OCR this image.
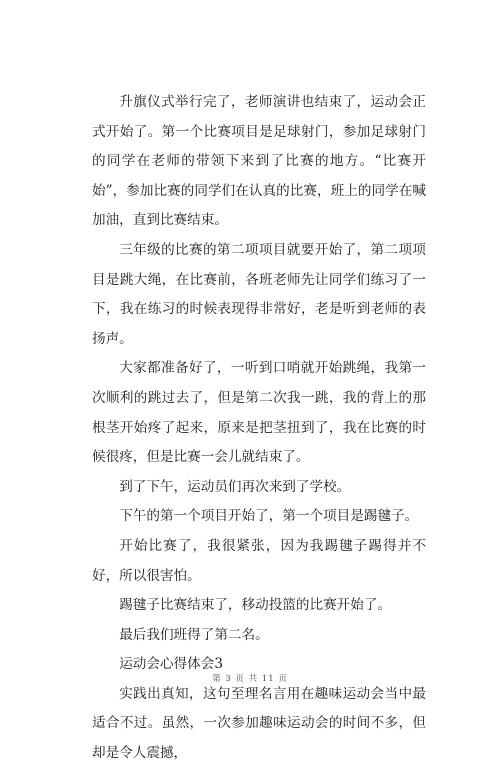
升旗仪式举行完了，老师演讲也结束了，运动会正式开始了。第一个比赛项目是足球射门，参加足球射门的同学在老师的带领下来到了比赛的地方。“比赛开始”，参加比赛的同学们在认真的比赛，班上的同学在喊加油，直到比赛结束。

三年级的比赛的第二项项目就要开始了，第二项项目是跳大绳，在比赛前，各班老师先让同学们练习了一下，我在练习的时候表现得非常好，老是听到老师的表扬声。

大家都准备好了，一听到口哨就开始跳绳，我第一次顺利的跳过去了，但是第二次我一跳，我的背上的那根茎开始疼了起来，原来是把茎扭到了，我在比赛的时候很疼，但是比赛一会儿就结束了。

到了下午，运动员们再次来到了学校。

下午的第一个项目开始了，第一个项目是踢毽子。

开始比赛了，我很紧张，因为我踢毽子踢得并不好，所以很害怕。

踢毽子比赛结束了，移动投篮的比赛开始了。

最后我们班得了第二名。

运动会心得体会3

实践出真知，这句至理名言用在趣味运动会当中最适合不过。虽然，一次参加趣味运动会的时间不多，但却是令人震撼，

第 3 页 共 11 页
